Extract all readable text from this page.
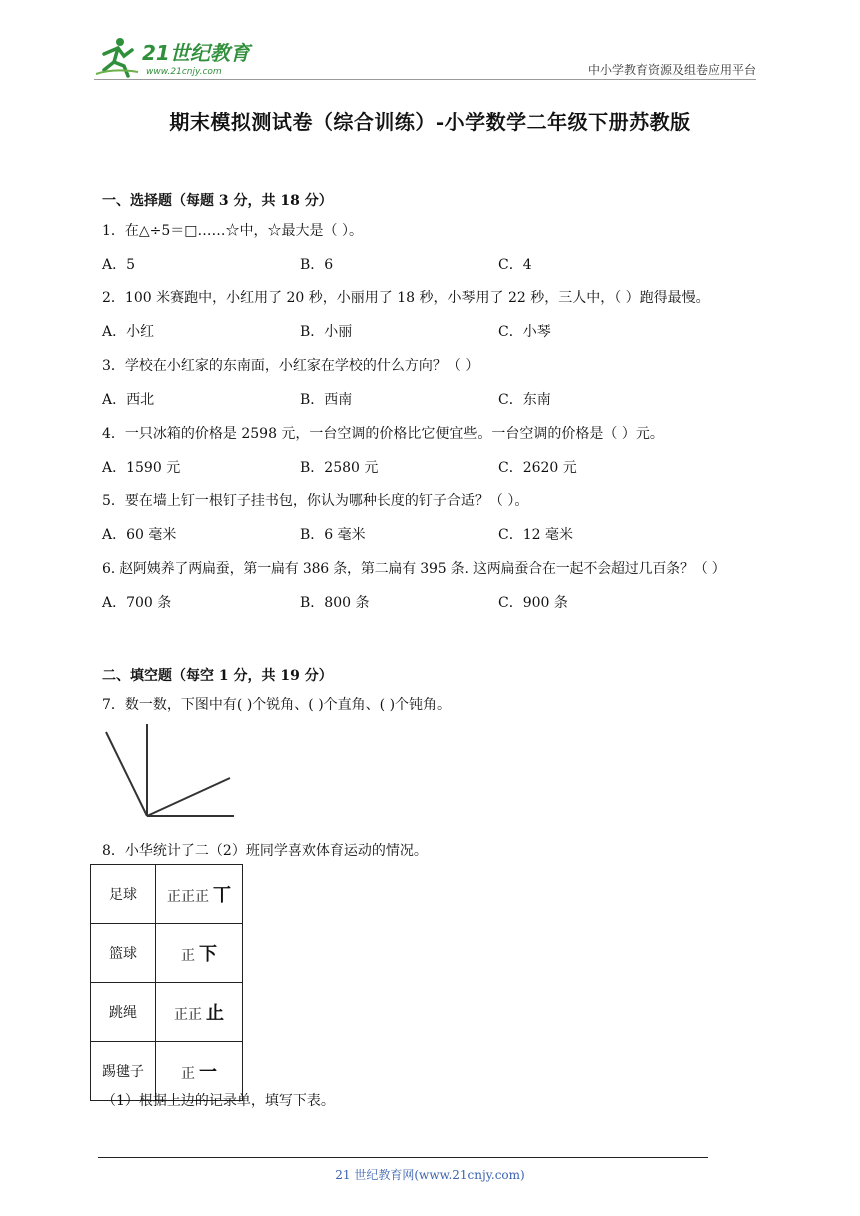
21世纪教育
www.21cnjy.com	中小学教育资源及组卷应用平台
期末模拟测试卷（综合训练）-小学数学二年级下册苏教版
一、选择题（每题 3 分，共 18 分）
1．在△÷5＝□……☆中，☆最大是（ ）。
A．5	B．6	C．4
2．100 米赛跑中，小红用了 20 秒，小丽用了 18 秒，小琴用了 22 秒，三人中，（ ）跑得最慢。
A．小红	B．小丽	C．小琴
3．学校在小红家的东南面，小红家在学校的什么方向？（ ）
A．西北	B．西南	C．东南
4．一只冰箱的价格是 2598 元，一台空调的价格比它便宜些。一台空调的价格是（ ）元。
A．1590 元	B．2580 元	C．2620 元
5．要在墙上钉一根钉子挂书包，你认为哪种长度的钉子合适？（ ）。
A．60 毫米	B．6 毫米	C．12 毫米
6. 赵阿姨养了两扁蚕，第一扁有 386 条，第二扁有 395 条. 这两扁蚕合在一起不会超过几百条？（ ）
A．700 条	B．800 条	C．900 条
二、填空题（每空 1 分，共 19 分）
7．数一数，下图中有( )个锐角、( )个直角、( )个钝角。
8．小华统计了二（2）班同学喜欢体育运动的情况。
足球	正正正 丅
篮球	正 下
跳绳	正正 止
踢毽子	正 一
（1）根据上边的记录单，填写下表。
21 世纪教育网(www.21cnjy.com)
